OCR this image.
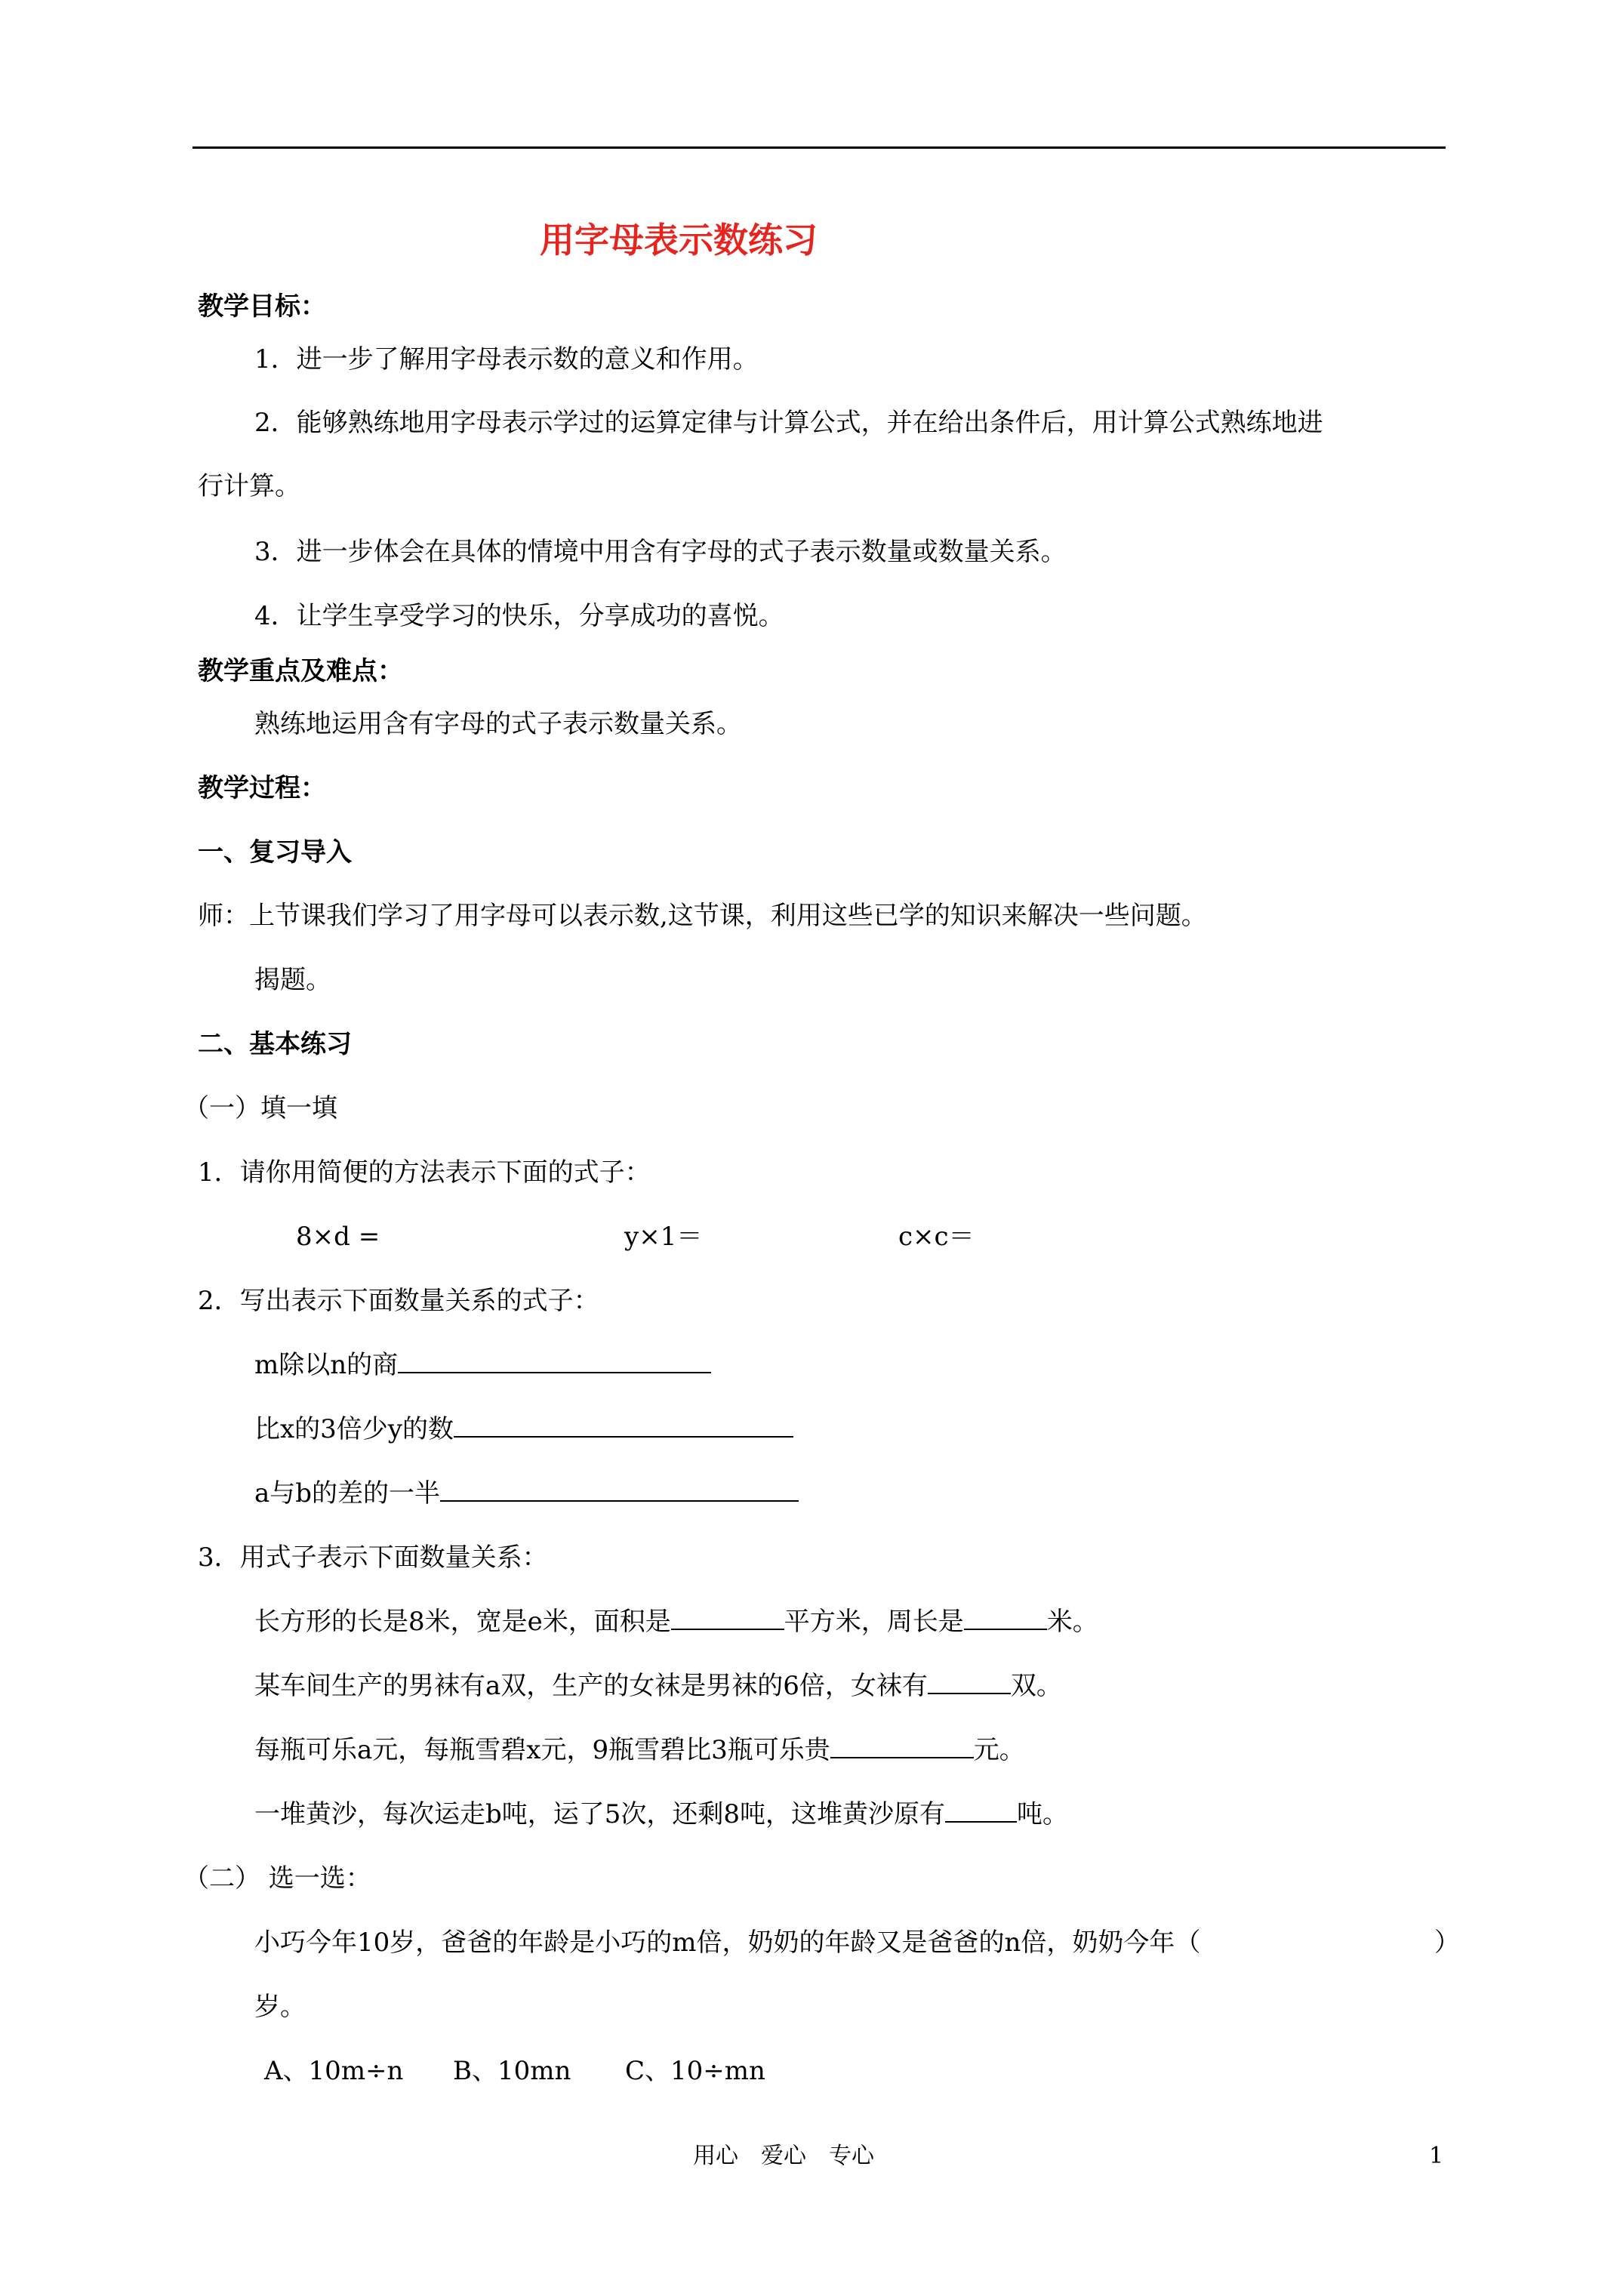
用字母表示数练习
教学目标：
1．进一步了解用字母表示数的意义和作用。
2．能够熟练地用字母表示学过的运算定律与计算公式，并在给出条件后，用计算公式熟练地进
行计算。
3．进一步体会在具体的情境中用含有字母的式子表示数量或数量关系。
4．让学生享受学习的快乐，分享成功的喜悦。
教学重点及难点：
熟练地运用含有字母的式子表示数量关系。
教学过程：
一、复习导入
师：上节课我们学习了用字母可以表示数,这节课，利用这些已学的知识来解决一些问题。
揭题。
二、基本练习
（一）填一填
1．请你用简便的方法表示下面的式子：
8×d =	y×1＝	c×c＝
2．写出表示下面数量关系的式子：
m除以n的商
比x的3倍少y的数
a与b的差的一半
3．用式子表示下面数量关系：
长方形的长是8米，宽是e米，面积是	平方米，周长是	米。
某车间生产的男袜有a双，生产的女袜是男袜的6倍，女袜有	双。
每瓶可乐a元，每瓶雪碧x元，9瓶雪碧比3瓶可乐贵	元。
一堆黄沙，每次运走b吨，运了5次，还剩8吨，这堆黄沙原有	吨。
（二） 选一选：
小巧今年10岁，爸爸的年龄是小巧的m倍，奶奶的年龄又是爸爸的n倍，奶奶今年（	）
岁。
A、10m÷n B、10mn C、10÷mn
用心　爱心　专心	1
